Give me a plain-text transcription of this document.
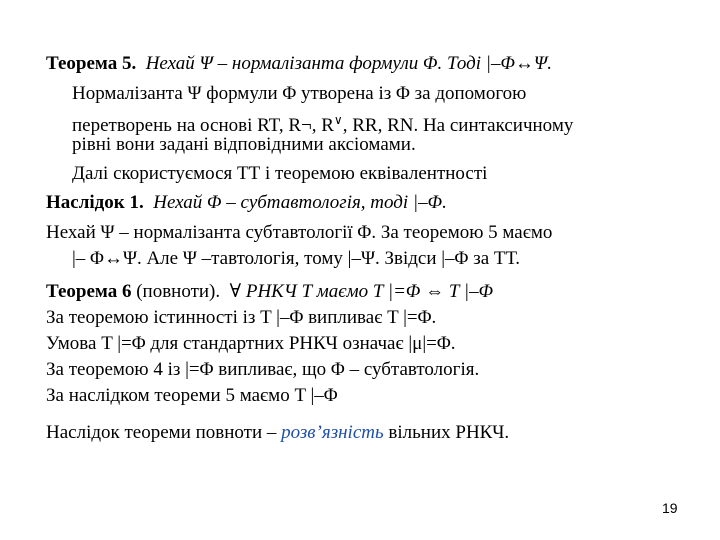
Теорема 5. Нехай Ψ – нормалізанта формули Φ. Тоді |–Φ↔Ψ.
Нормалізанта Ψ формули Φ утворена із Φ за допомогою
перетворень на основі RT, R¬, R∨, RR, RN. На синтаксичному
рівні вони задані відповідними аксіомами.
Далі скористуємося ТТ і теоремою еквівалентності
Наслідок 1. Нехай Φ – субтавтологія, тоді |–Φ.
Нехай Ψ – нормалізанта субтавтології Φ. За теоремою 5 маємо
|– Φ↔Ψ. Але Ψ –тавтологія, тому |–Ψ. Звідси |–Φ за ТТ.
Теорема 6 (повноти). ∀ РНКЧ T маємо T |=Φ ⇔ T |–Φ
За теоремою істинності із T |–Φ випливає T |=Φ.
Умова T |=Φ для стандартних РНКЧ означає |μ|=Φ.
За теоремою 4 із |=Φ випливає, що Φ – субтавтологія.
За наслідком теореми 5 маємо T |–Φ
Наслідок теореми повноти – розв’язність вільних РНКЧ.
19
